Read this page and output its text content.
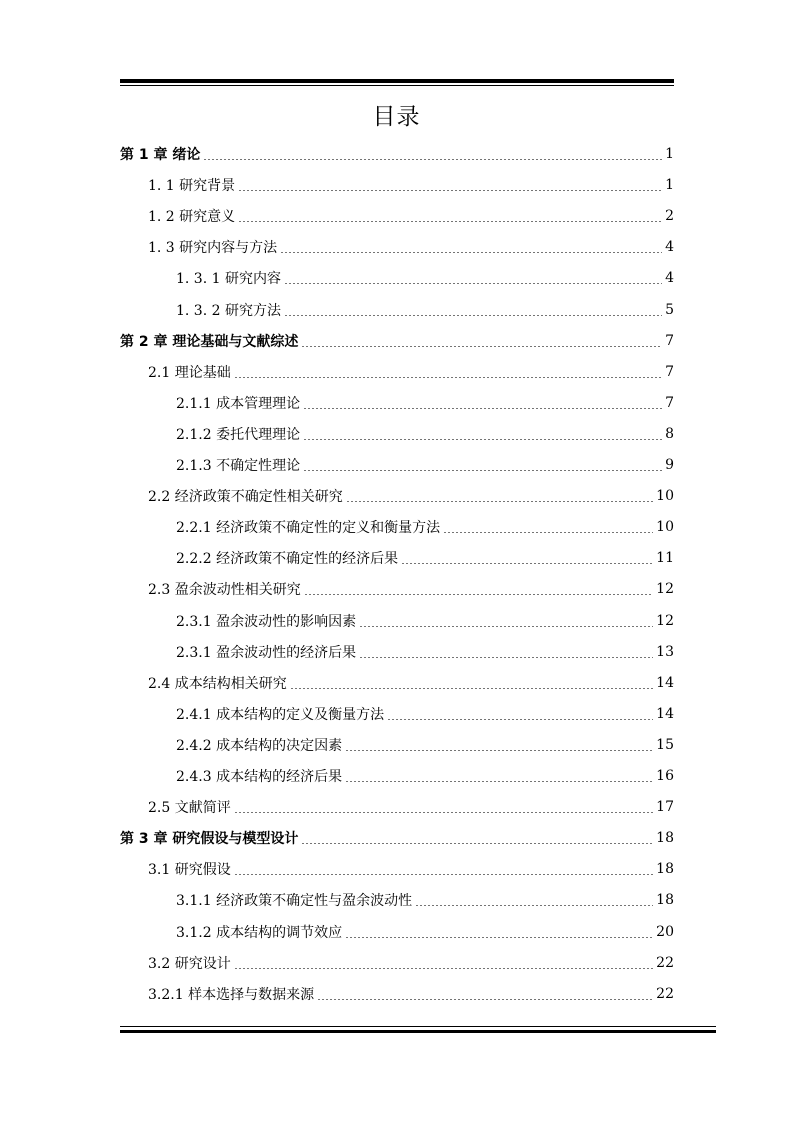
目录
第 1 章 绪论	1
1. 1 研究背景	1
1. 2 研究意义	2
1. 3 研究内容与方法	4
1. 3. 1 研究内容	4
1. 3. 2 研究方法	5
第 2 章 理论基础与文献综述	7
2.1 理论基础	7
2.1.1 成本管理理论	7
2.1.2 委托代理理论	8
2.1.3 不确定性理论	9
2.2 经济政策不确定性相关研究	10
2.2.1 经济政策不确定性的定义和衡量方法	10
2.2.2 经济政策不确定性的经济后果	11
2.3 盈余波动性相关研究	12
2.3.1 盈余波动性的影响因素	12
2.3.1 盈余波动性的经济后果	13
2.4 成本结构相关研究	14
2.4.1 成本结构的定义及衡量方法	14
2.4.2 成本结构的决定因素	15
2.4.3 成本结构的经济后果	16
2.5 文献简评	17
第 3 章 研究假设与模型设计	18
3.1 研究假设	18
3.1.1 经济政策不确定性与盈余波动性	18
3.1.2 成本结构的调节效应	20
3.2 研究设计	22
3.2.1 样本选择与数据来源	22
